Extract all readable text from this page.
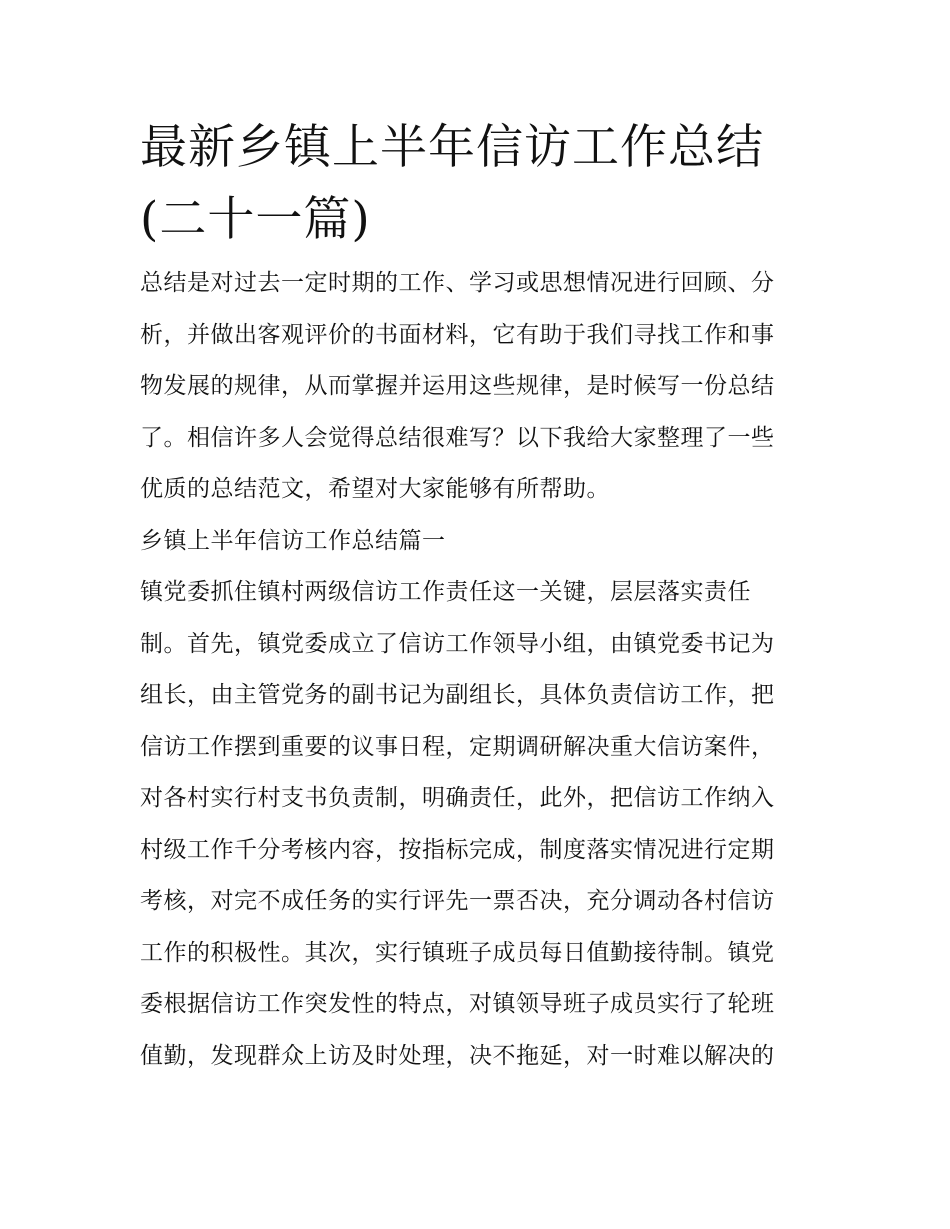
最新乡镇上半年信访工作总结
(二十一篇)
总结是对过去一定时期的工作、学习或思想情况进行回顾、分
析，并做出客观评价的书面材料，它有助于我们寻找工作和事
物发展的规律，从而掌握并运用这些规律，是时候写一份总结
了。相信许多人会觉得总结很难写？以下我给大家整理了一些
优质的总结范文，希望对大家能够有所帮助。
乡镇上半年信访工作总结篇一
镇党委抓住镇村两级信访工作责任这一关键，层层落实责任
制。首先，镇党委成立了信访工作领导小组，由镇党委书记为
组长，由主管党务的副书记为副组长，具体负责信访工作，把
信访工作摆到重要的议事日程，定期调研解决重大信访案件，
对各村实行村支书负责制，明确责任，此外，把信访工作纳入
村级工作千分考核内容，按指标完成，制度落实情况进行定期
考核，对完不成任务的实行评先一票否决，充分调动各村信访
工作的积极性。其次，实行镇班子成员每日值勤接待制。镇党
委根据信访工作突发性的特点，对镇领导班子成员实行了轮班
值勤，发现群众上访及时处理，决不拖延，对一时难以解决的
